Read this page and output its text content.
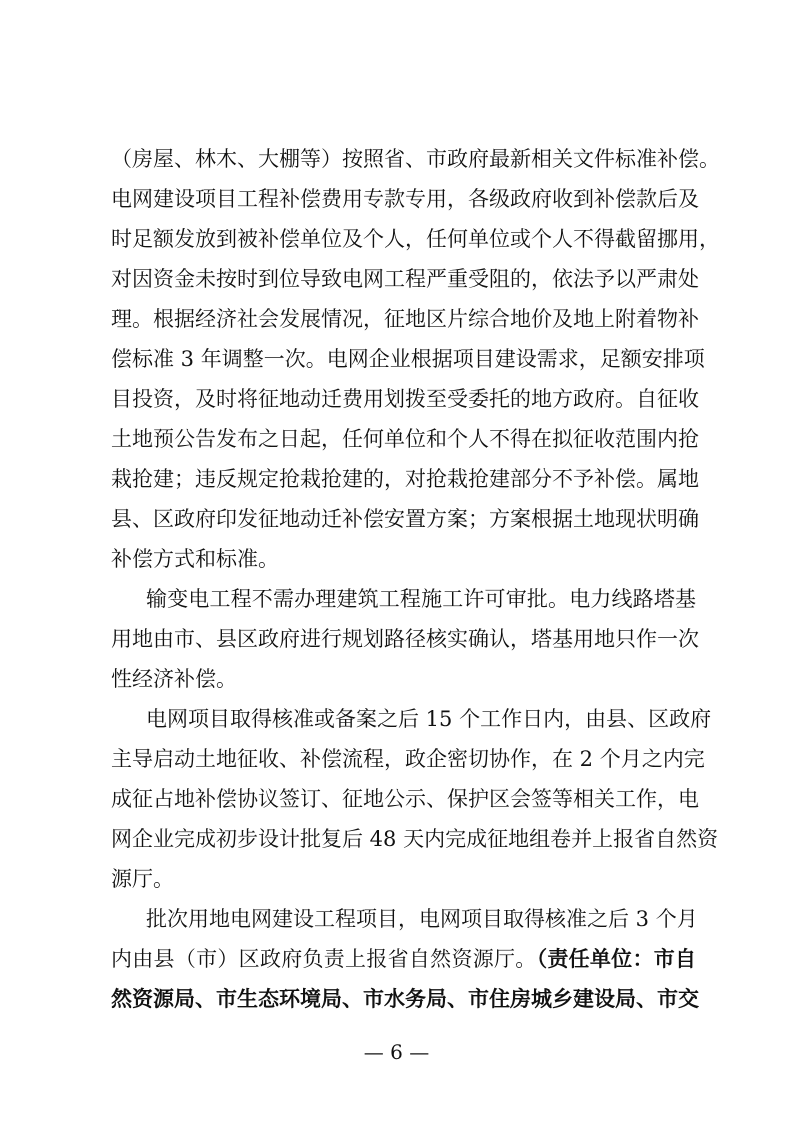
（房屋、林木、大棚等）按照省、市政府最新相关文件标准补偿。
电网建设项目工程补偿费用专款专用，各级政府收到补偿款后及
时足额发放到被补偿单位及个人，任何单位或个人不得截留挪用，
对因资金未按时到位导致电网工程严重受阻的，依法予以严肃处
理。根据经济社会发展情况，征地区片综合地价及地上附着物补
偿标准 3 年调整一次。电网企业根据项目建设需求，足额安排项
目投资，及时将征地动迁费用划拨至受委托的地方政府。自征收
土地预公告发布之日起，任何单位和个人不得在拟征收范围内抢
栽抢建；违反规定抢栽抢建的，对抢栽抢建部分不予补偿。属地
县、区政府印发征地动迁补偿安置方案；方案根据土地现状明确
补偿方式和标准。
输变电工程不需办理建筑工程施工许可审批。电力线路塔基
用地由市、县区政府进行规划路径核实确认，塔基用地只作一次
性经济补偿。
电网项目取得核准或备案之后 15 个工作日内，由县、区政府
主导启动土地征收、补偿流程，政企密切协作，在 2 个月之内完
成征占地补偿协议签订、征地公示、保护区会签等相关工作，电
网企业完成初步设计批复后 48 天内完成征地组卷并上报省自然资
源厅。
批次用地电网建设工程项目，电网项目取得核准之后 3 个月
内由县（市）区政府负责上报省自然资源厅。（责任单位：市自
然资源局、市生态环境局、市水务局、市住房城乡建设局、市交
— 6 —
